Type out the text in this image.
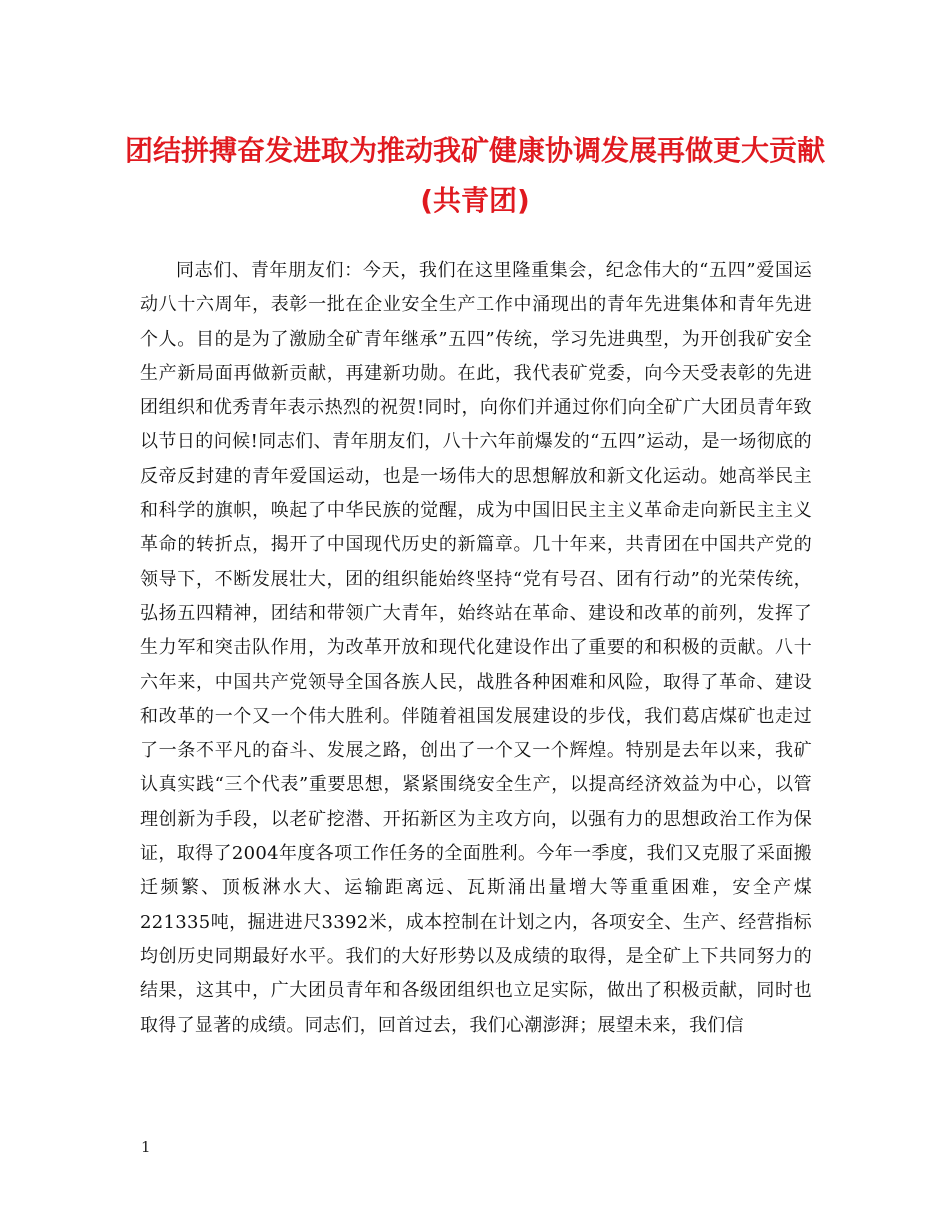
团结拼搏奋发进取为推动我矿健康协调发展再做更大贡献(共青团)

同志们、青年朋友们：今天，我们在这里隆重集会，纪念伟大的“五四”爱国运动八十六周年，表彰一批在企业安全生产工作中涌现出的青年先进集体和青年先进个人。目的是为了激励全矿青年继承”五四”传统，学习先进典型，为开创我矿安全生产新局面再做新贡献，再建新功勋。在此，我代表矿党委，向今天受表彰的先进团组织和优秀青年表示热烈的祝贺!同时，向你们并通过你们向全矿广大团员青年致以节日的问候!同志们、青年朋友们，八十六年前爆发的“五四”运动，是一场彻底的反帝反封建的青年爱国运动，也是一场伟大的思想解放和新文化运动。她高举民主和科学的旗帜，唤起了中华民族的觉醒，成为中国旧民主主义革命走向新民主主义革命的转折点，揭开了中国现代历史的新篇章。几十年来，共青团在中国共产党的领导下，不断发展壮大，团的组织能始终坚持“党有号召、团有行动”的光荣传统，弘扬五四精神，团结和带领广大青年，始终站在革命、建设和改革的前列，发挥了生力军和突击队作用，为改革开放和现代化建设作出了重要的和积极的贡献。八十六年来，中国共产党领导全国各族人民，战胜各种困难和风险，取得了革命、建设和改革的一个又一个伟大胜利。伴随着祖国发展建设的步伐，我们葛店煤矿也走过了一条不平凡的奋斗、发展之路，创出了一个又一个辉煌。特别是去年以来，我矿认真实践“三个代表”重要思想，紧紧围绕安全生产，以提高经济效益为中心，以管理创新为手段，以老矿挖潜、开拓新区为主攻方向，以强有力的思想政治工作为保证，取得了2004年度各项工作任务的全面胜利。今年一季度，我们又克服了采面搬迁频繁、顶板淋水大、运输距离远、瓦斯涌出量增大等重重困难，安全产煤221335吨，掘进进尺3392米，成本控制在计划之内，各项安全、生产、经营指标均创历史同期最好水平。我们的大好形势以及成绩的取得，是全矿上下共同努力的结果，这其中，广大团员青年和各级团组织也立足实际，做出了积极贡献，同时也取得了显著的成绩。同志们，回首过去，我们心潮澎湃；展望未来，我们信

1
